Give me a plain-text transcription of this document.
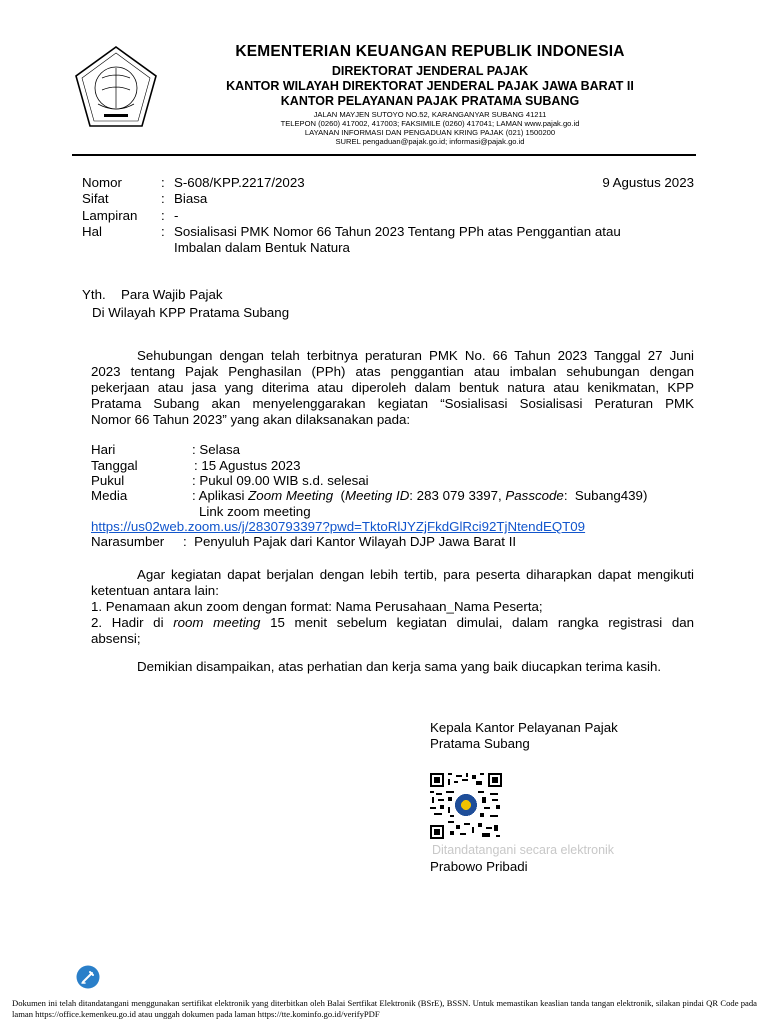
KEMENTERIAN KEUANGAN REPUBLIK INDONESIA
DIREKTORAT JENDERAL PAJAK
KANTOR WILAYAH DIREKTORAT JENDERAL PAJAK JAWA BARAT II
KANTOR PELAYANAN PAJAK PRATAMA SUBANG
JALAN MAYJEN SUTOYO NO.52, KARANGANYAR SUBANG 41211
TELEPON (0260) 417002, 417003; FAKSIMILE (0260) 417041; LAMAN www.pajak.go.id
LAYANAN INFORMASI DAN PENGADUAN KRING PAJAK (021) 1500200
SUREL pengaduan@pajak.go.id; informasi@pajak.go.id
Nomor	: S-608/KPP.2217/2023	9 Agustus 2023
Sifat	: Biasa
Lampiran : -
Hal	: Sosialisasi PMK Nomor 66 Tahun 2023 Tentang PPh atas Penggantian atau
Imbalan dalam Bentuk Natura
Yth. Para Wajib Pajak
Di Wilayah KPP Pratama Subang
Sehubungan dengan telah terbitnya peraturan PMK No. 66 Tahun 2023 Tanggal 27 Juni
2023 tentang Pajak Penghasilan (PPh) atas penggantian atau imbalan sehubungan dengan
pekerjaan atau jasa yang diterima atau diperoleh dalam bentuk natura atau kenikmatan, KPP
Pratama Subang akan menyelenggarakan kegiatan “Sosialisasi Sosialisasi Peraturan PMK
Nomor 66 Tahun 2023” yang akan dilaksanakan pada:
Hari	: Selasa
Tanggal	: 15 Agustus 2023
Pukul	: Pukul 09.00 WIB s.d. selesai
Media	: Aplikasi Zoom Meeting  (Meeting ID: 283 079 3397, Passcode:  Subang439)
Link zoom meeting
https://us02web.zoom.us/j/2830793397?pwd=TktoRlJYZjFkdGlRci92TjNtendEQT09
Narasumber :  Penyuluh Pajak dari Kantor Wilayah DJP Jawa Barat II
Agar kegiatan dapat berjalan dengan lebih tertib, para peserta diharapkan dapat mengikuti
ketentuan antara lain:
1. Penamaan akun zoom dengan format: Nama Perusahaan_Nama Peserta;
2. Hadir di room meeting 15 menit sebelum kegiatan dimulai, dalam rangka registrasi dan
absensi;
Demikian disampaikan, atas perhatian dan kerja sama yang baik diucapkan terima kasih.
Kepala Kantor Pelayanan Pajak
Pratama Subang
Ditandatangani secara elektronik
Prabowo Pribadi
Dokumen ini telah ditandatangani menggunakan sertifikat elektronik yang diterbitkan oleh Balai Sertfikat Elektronik (BSrE), BSSN. Untuk memastikan keaslian tanda tangan elektronik, silakan pindai QR Code pada laman https://office.kemenkeu.go.id atau unggah dokumen pada laman https://tte.kominfo.go.id/verifyPDF
